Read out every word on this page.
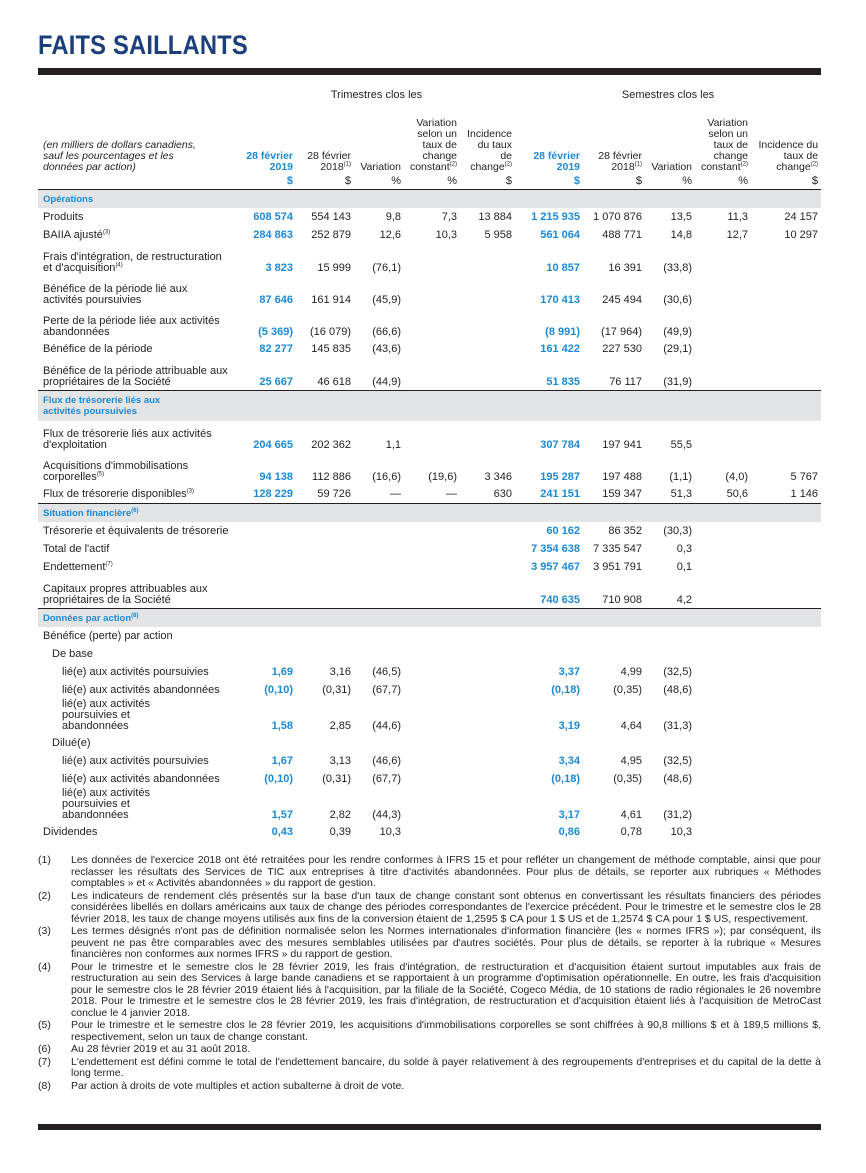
FAITS SAILLANTS
	Trimestres clos les					Semestres clos les				
(en milliers de dollars canadiens, sauf les pourcentages et les données par action)	28 février 2019	28 février 2018$^{(1)}$	Variation	Variation selon un taux de change constant$^{(2)}$	Incidence du taux de change$^{(2)}$	28 février 2019	28 février 2018$^{(1)}$	Variation	Variation selon un taux de change constant$^{(2)}$	Incidence du taux de change$^{(2)}$
	$	$	%	%	$	$	$	%	%	$
Opérations										
Produits	608 574	554 143	9,8	7,3	13 884	1 215 935	1 070 876	13,5	11,3	24 157
BAIIA ajusté$^{(3)}$	284 863	252 879	12,6	10,3	5 958	561 064	488 771	14,8	12,7	10 297
Frais d'intégration, de restructuration et d'acquisition$^{(4)}$	3 823	15 999	(76,1)			10 857	16 391	(33,8)		
Bénéfice de la période lié aux activités poursuivies	87 646	161 914	(45,9)			170 413	245 494	(30,6)		
Perte de la période liée aux activités abandonnées	(5 369)	(16 079)	(66,6)			(8 991)	(17 964)	(49,9)		
Bénéfice de la période	82 277	145 835	(43,6)			161 422	227 530	(29,1)		
Bénéfice de la période attribuable aux propriétaires de la Société	25 667	46 618	(44,9)			51 835	76 117	(31,9)		
Flux de trésorerie liés aux activités poursuivies										
Flux de trésorerie liés aux activités d'exploitation	204 665	202 362	1,1			307 784	197 941	55,5		
Acquisitions d'immobilisations corporelles$^{(5)}$	94 138	112 886	(16,6)	(19,6)	3 346	195 287	197 488	(1,1)	(4,0)	5 767
Flux de trésorerie disponibles$^{(3)}$	128 229	59 726	—	—	630	241 151	159 347	51,3	50,6	1 146
Situation financière$^{(6)}$
Trésorerie et équivalents de trésorerie						60 162	86 352	(30,3)		
Total de l'actif						7 354 638	7 335 547	0,3		
Endettement$^{(7)}$						3 957 467	3 951 791	0,1		
Capitaux propres attribuables aux propriétaires de la Société						740 635	710 908	4,2		
Données par action$^{(8)}$
Bénéfice (perte) par action										
De base										
lié(e) aux activités poursuivies	1,69	3,16	(46,5)			3,37	4,99	(32,5)		
lié(e) aux activités abandonnées	(0,10)	(0,31)	(67,7)			(0,18)	(0,35)	(48,6)		
lié(e) aux activités poursuivies et abandonnées	1,58	2,85	(44,6)			3,19	4,64	(31,3)		
Dilué(e)										
lié(e) aux activités poursuivies	1,67	3,13	(46,6)			3,34	4,95	(32,5)		
lié(e) aux activités abandonnées	(0,10)	(0,31)	(67,7)			(0,18)	(0,35)	(48,6)		
lié(e) aux activités poursuivies et abandonnées	1,57	2,82	(44,3)			3,17	4,61	(31,2)		
Dividendes	0,43	0,39	10,3			0,86	0,78	10,3		
(1)	Les données de l'exercice 2018 ont été retraitées pour les rendre conformes à IFRS 15 et pour refléter un changement de méthode comptable, ainsi que pour reclasser les résultats des Services de TIC aux entreprises à titre d'activités abandonnées. Pour plus de détails, se reporter aux rubriques « Méthodes comptables » et « Activités abandonnées » du rapport de gestion.
(2)	Les indicateurs de rendement clés présentés sur la base d'un taux de change constant sont obtenus en convertissant les résultats financiers des périodes considérées libellés en dollars américains aux taux de change des périodes correspondantes de l'exercice précédent. Pour le trimestre et le semestre clos le 28 février 2018, les taux de change moyens utilisés aux fins de la conversion étaient de 1,2595 $ CA pour 1 $ US et de 1,2574 $ CA pour 1 $ US, respectivement.
(3)	Les termes désignés n'ont pas de définition normalisée selon les Normes internationales d'information financière (les « normes IFRS »); par conséquent, ils peuvent ne pas être comparables avec des mesures semblables utilisées par d'autres sociétés. Pour plus de détails, se reporter à la rubrique « Mesures financières non conformes aux normes IFRS » du rapport de gestion.
(4)	Pour le trimestre et le semestre clos le 28 février 2019, les frais d'intégration, de restructuration et d'acquisition étaient surtout imputables aux frais de restructuration au sein des Services à large bande canadiens et se rapportaient à un programme d'optimisation opérationnelle. En outre, les frais d'acquisition pour le semestre clos le 28 février 2019 étaient liés à l'acquisition, par la filiale de la Société, Cogeco Média, de 10 stations de radio régionales le 26 novembre 2018. Pour le trimestre et le semestre clos le 28 février 2019, les frais d'intégration, de restructuration et d'acquisition étaient liés à l'acquisition de MetroCast conclue le 4 janvier 2018.
(5)	Pour le trimestre et le semestre clos le 28 février 2019, les acquisitions d'immobilisations corporelles se sont chiffrées à 90,8 millions $ et à 189,5 millions $, respectivement, selon un taux de change constant.
(6)	Au 28 février 2019 et au 31 août 2018.
(7)	L'endettement est défini comme le total de l'endettement bancaire, du solde à payer relativement à des regroupements d'entreprises et du capital de la dette à long terme.
(8)	Par action à droits de vote multiples et action subalterne à droit de vote.
